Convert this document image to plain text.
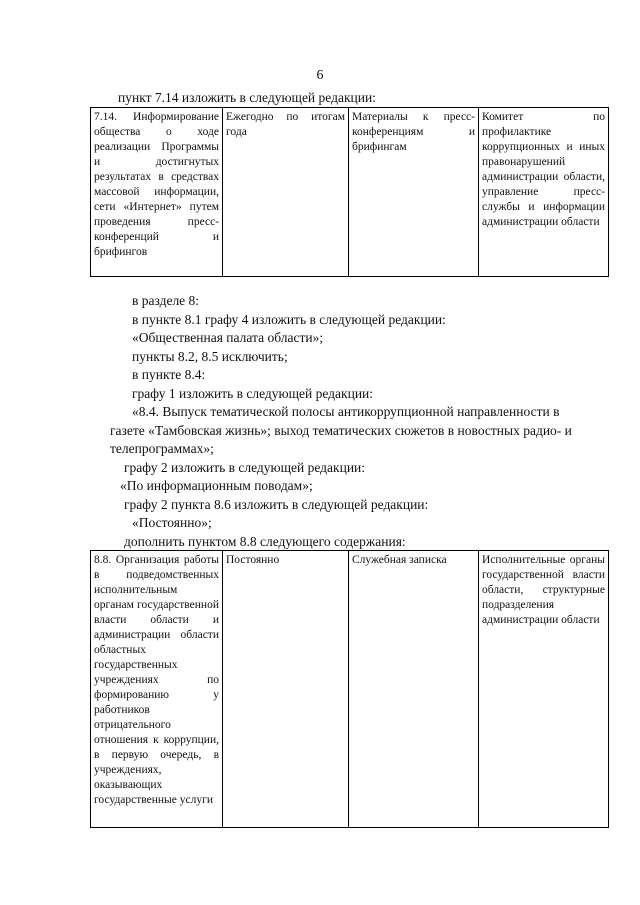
6
пункт 7.14 изложить в следующей редакции:
7.14. Информирование общества о ходе реализации Программы и достигнутых результатах в средствах массовой информации, сети «Интернет» путем проведения пресс-конференций и брифингов	Ежегодно по итогам года	Материалы к пресс-конференциям и брифингам	Комитет по профилактике коррупционных и иных правонарушений администрации области, управление пресс-службы и информации администрации области
в разделе 8:
в пункте 8.1 графу 4 изложить в следующей редакции:
«Общественная палата области»;
пункты 8.2, 8.5 исключить;
в пункте 8.4:
графу 1 изложить в следующей редакции:
«8.4. Выпуск тематической полосы антикоррупционной направленности в
газете «Тамбовская жизнь»; выход тематических сюжетов в новостных радио- и
телепрограммах»;
графу 2 изложить в следующей редакции:
«По информационным поводам»;
графу 2 пункта 8.6 изложить в следующей редакции:
«Постоянно»;
дополнить пунктом 8.8 следующего содержания:
8.8. Организация работы в подведомственных исполнительным органам государственной власти области и администрации области областных государственных учреждениях по формированию у работников отрицательного отношения к коррупции, в первую очередь, в учреждениях, оказывающих государственные услуги	Постоянно	Служебная записка	Исполнительные органы государственной власти области, структурные подразделения администрации области
